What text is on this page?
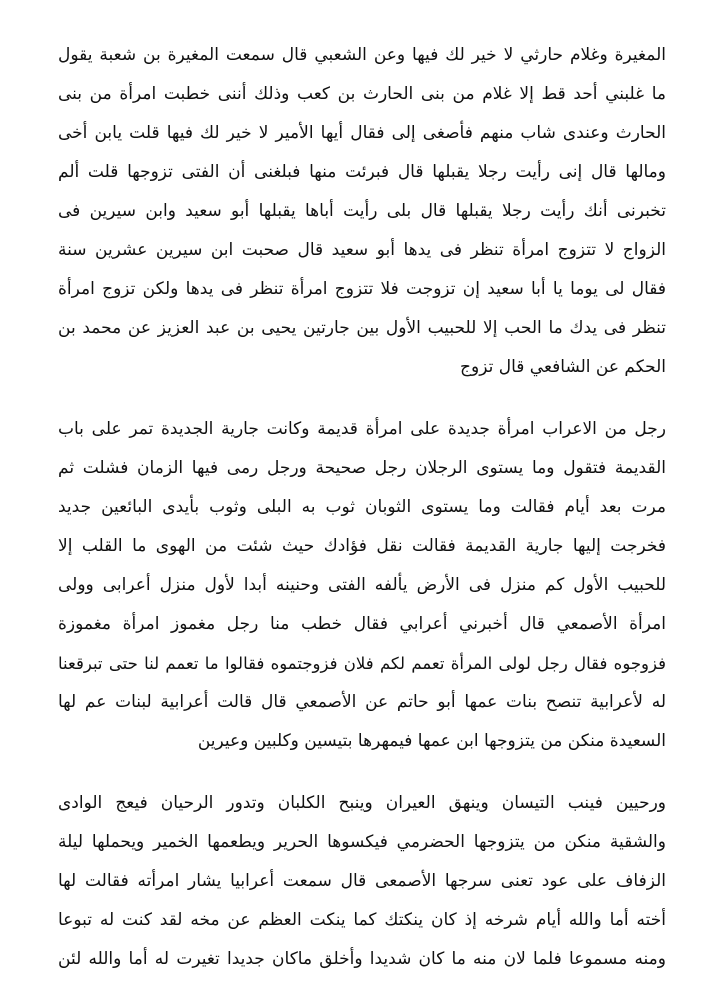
المغيرة وغلام حارثي لا خير لك فيها وعن الشعبي قال سمعت المغيرة بن شعبة يقول
ما غلبني أحد قط إلا غلام من بنى الحارث بن كعب وذلك أننى خطبت امرأة من بنى
الحارث وعندى شاب منهم فأصغى إلى فقال أيها الأمير لا خير لك فيها قلت يابن أخى
ومالها قال إنى رأيت رجلا يقبلها قال فبرئت منها فبلغنى أن الفتى تزوجها قلت ألم
تخبرنى أنك رأيت رجلا يقبلها قال بلى رأيت أباها يقبلها أبو سعيد وابن سيرين فى
الزواج لا تتزوج امرأة تنظر فى يدها أبو سعيد قال صحبت ابن سيرين عشرين سنة
فقال لى يوما يا أبا سعيد إن تزوجت فلا تتزوج امرأة تنظر فى يدها ولكن تزوج امرأة
تنظر فى يدك ما الحب إلا للحبيب الأول بين جارتين يحيى بن عبد العزيز عن محمد بن
الحكم عن الشافعي قال تزوج
رجل من الاعراب امرأة جديدة على امرأة قديمة وكانت جارية الجديدة تمر على باب
القديمة فتقول وما يستوى الرجلان رجل صحيحة ورجل رمى فيها الزمان فشلت ثم
مرت بعد أيام فقالت وما يستوى الثوبان ثوب به البلى وثوب بأيدى البائعين جديد
فخرجت إليها جارية القديمة فقالت نقل فؤادك حيث شئت من الهوى ما القلب إلا
للحبيب الأول كم منزل فى الأرض يألفه الفتى وحنينه أبدا لأول منزل أعرابى وولى
امرأة الأصمعي قال أخبرني أعرابي فقال خطب منا رجل مغموز امرأة مغموزة
فزوجوه فقال رجل لولى المرأة تعمم لكم فلان فزوجتموه فقالوا ما تعمم لنا حتى تبرقعنا
له لأعرابية تنصح بنات عمها أبو حاتم عن الأصمعي قال قالت أعرابية لبنات عم لها
السعيدة منكن من يتزوجها ابن عمها فيمهرها بتيسين وكلبين وعيرين
ورحيين فينب التيسان وينهق العيران وينبح الكلبان وتدور الرحيان فيعج الوادى
والشقية منكن من يتزوجها الحضرمي فيكسوها الحرير ويطعمها الخمير ويحملها ليلة
الزفاف على عود تعنى سرجها الأصمعى قال سمعت أعرابيا يشار امرأته فقالت لها
أخته أما والله أيام شرخه إذ كان ينكتك كما ينكت العظم عن مخه لقد كنت له تبوعا
ومنه مسموعا فلما لان منه ما كان شديدا وأخلق ماكان جديدا تغيرت له أما والله لئن
